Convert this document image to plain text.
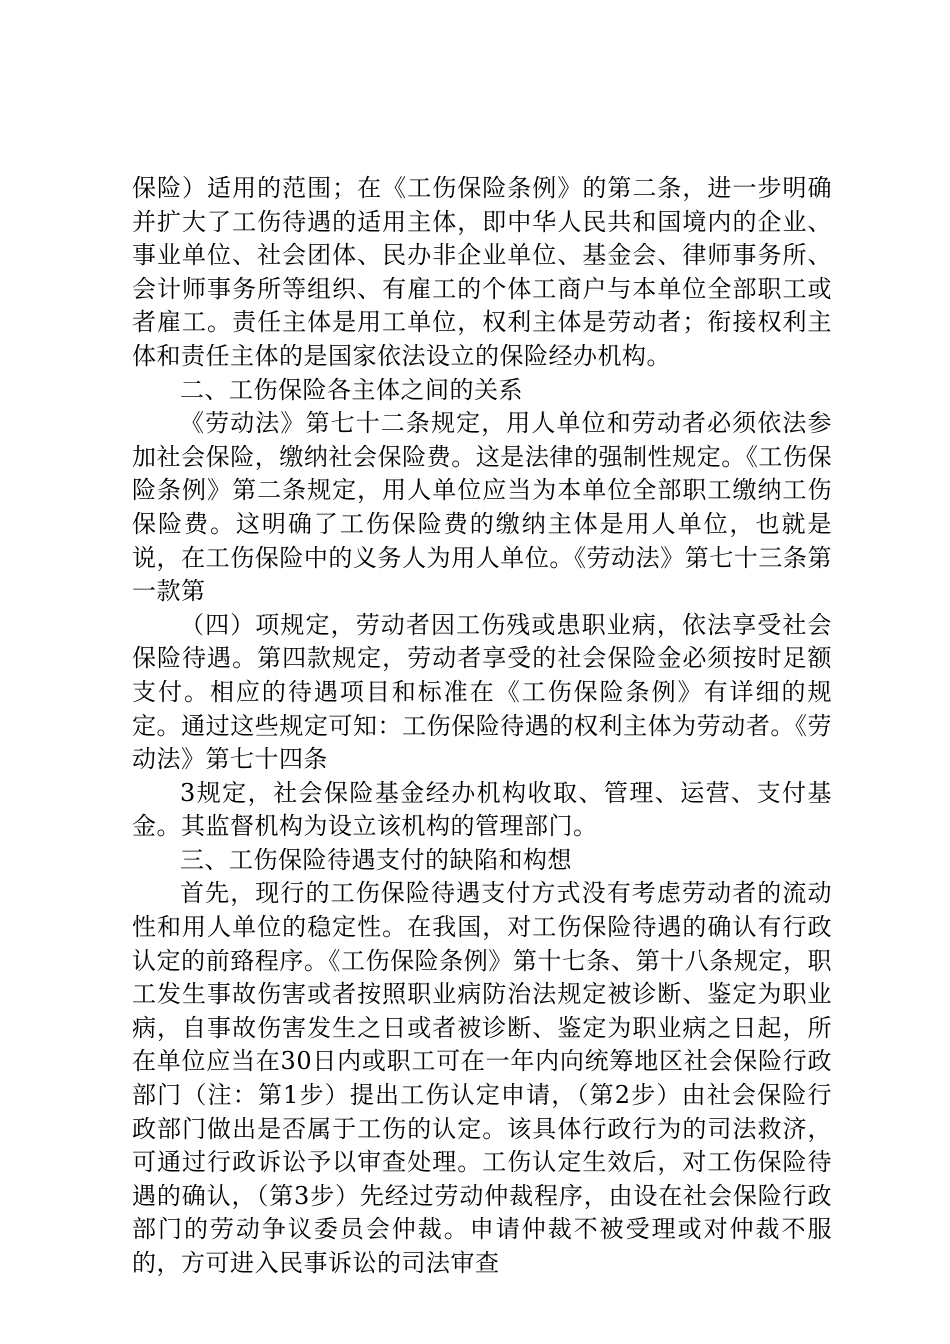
保险）适用的范围；在《工伤保险条例》的第二条，进一步明确并扩大了工伤待遇的适用主体，即中华人民共和国境内的企业、事业单位、社会团体、民办非企业单位、基金会、律师事务所、会计师事务所等组织、有雇工的个体工商户与本单位全部职工或者雇工。责任主体是用工单位，权利主体是劳动者；衔接权利主体和责任主体的是国家依法设立的保险经办机构。

二、工伤保险各主体之间的关系

《劳动法》第七十二条规定，用人单位和劳动者必须依法参加社会保险，缴纳社会保险费。这是法律的强制性规定。《工伤保险条例》第二条规定，用人单位应当为本单位全部职工缴纳工伤保险费。这明确了工伤保险费的缴纳主体是用人单位，也就是说，在工伤保险中的义务人为用人单位。《劳动法》第七十三条第一款第

（四）项规定，劳动者因工伤残或患职业病，依法享受社会保险待遇。第四款规定，劳动者享受的社会保险金必须按时足额支付。相应的待遇项目和标准在《工伤保险条例》有详细的规定。通过这些规定可知：工伤保险待遇的权利主体为劳动者。《劳动法》第七十四条

3规定，社会保险基金经办机构收取、管理、运营、支付基金。其监督机构为设立该机构的管理部门。

三、工伤保险待遇支付的缺陷和构想

首先，现行的工伤保险待遇支付方式没有考虑劳动者的流动性和用人单位的稳定性。在我国，对工伤保险待遇的确认有行政认定的前臵程序。《工伤保险条例》第十七条、第十八条规定，职工发生事故伤害或者按照职业病防治法规定被诊断、鉴定为职业病，自事故伤害发生之日或者被诊断、鉴定为职业病之日起，所在单位应当在30日内或职工可在一年内向统筹地区社会保险行政部门（注：第1步）提出工伤认定申请，（第2步）由社会保险行政部门做出是否属于工伤的认定。该具体行政行为的司法救济，可通过行政诉讼予以审查处理。工伤认定生效后，对工伤保险待遇的确认，（第3步）先经过劳动仲裁程序，由设在社会保险行政部门的劳动争议委员会仲裁。申请仲裁不被受理或对仲裁不服的，方可进入民事诉讼的司法审查
